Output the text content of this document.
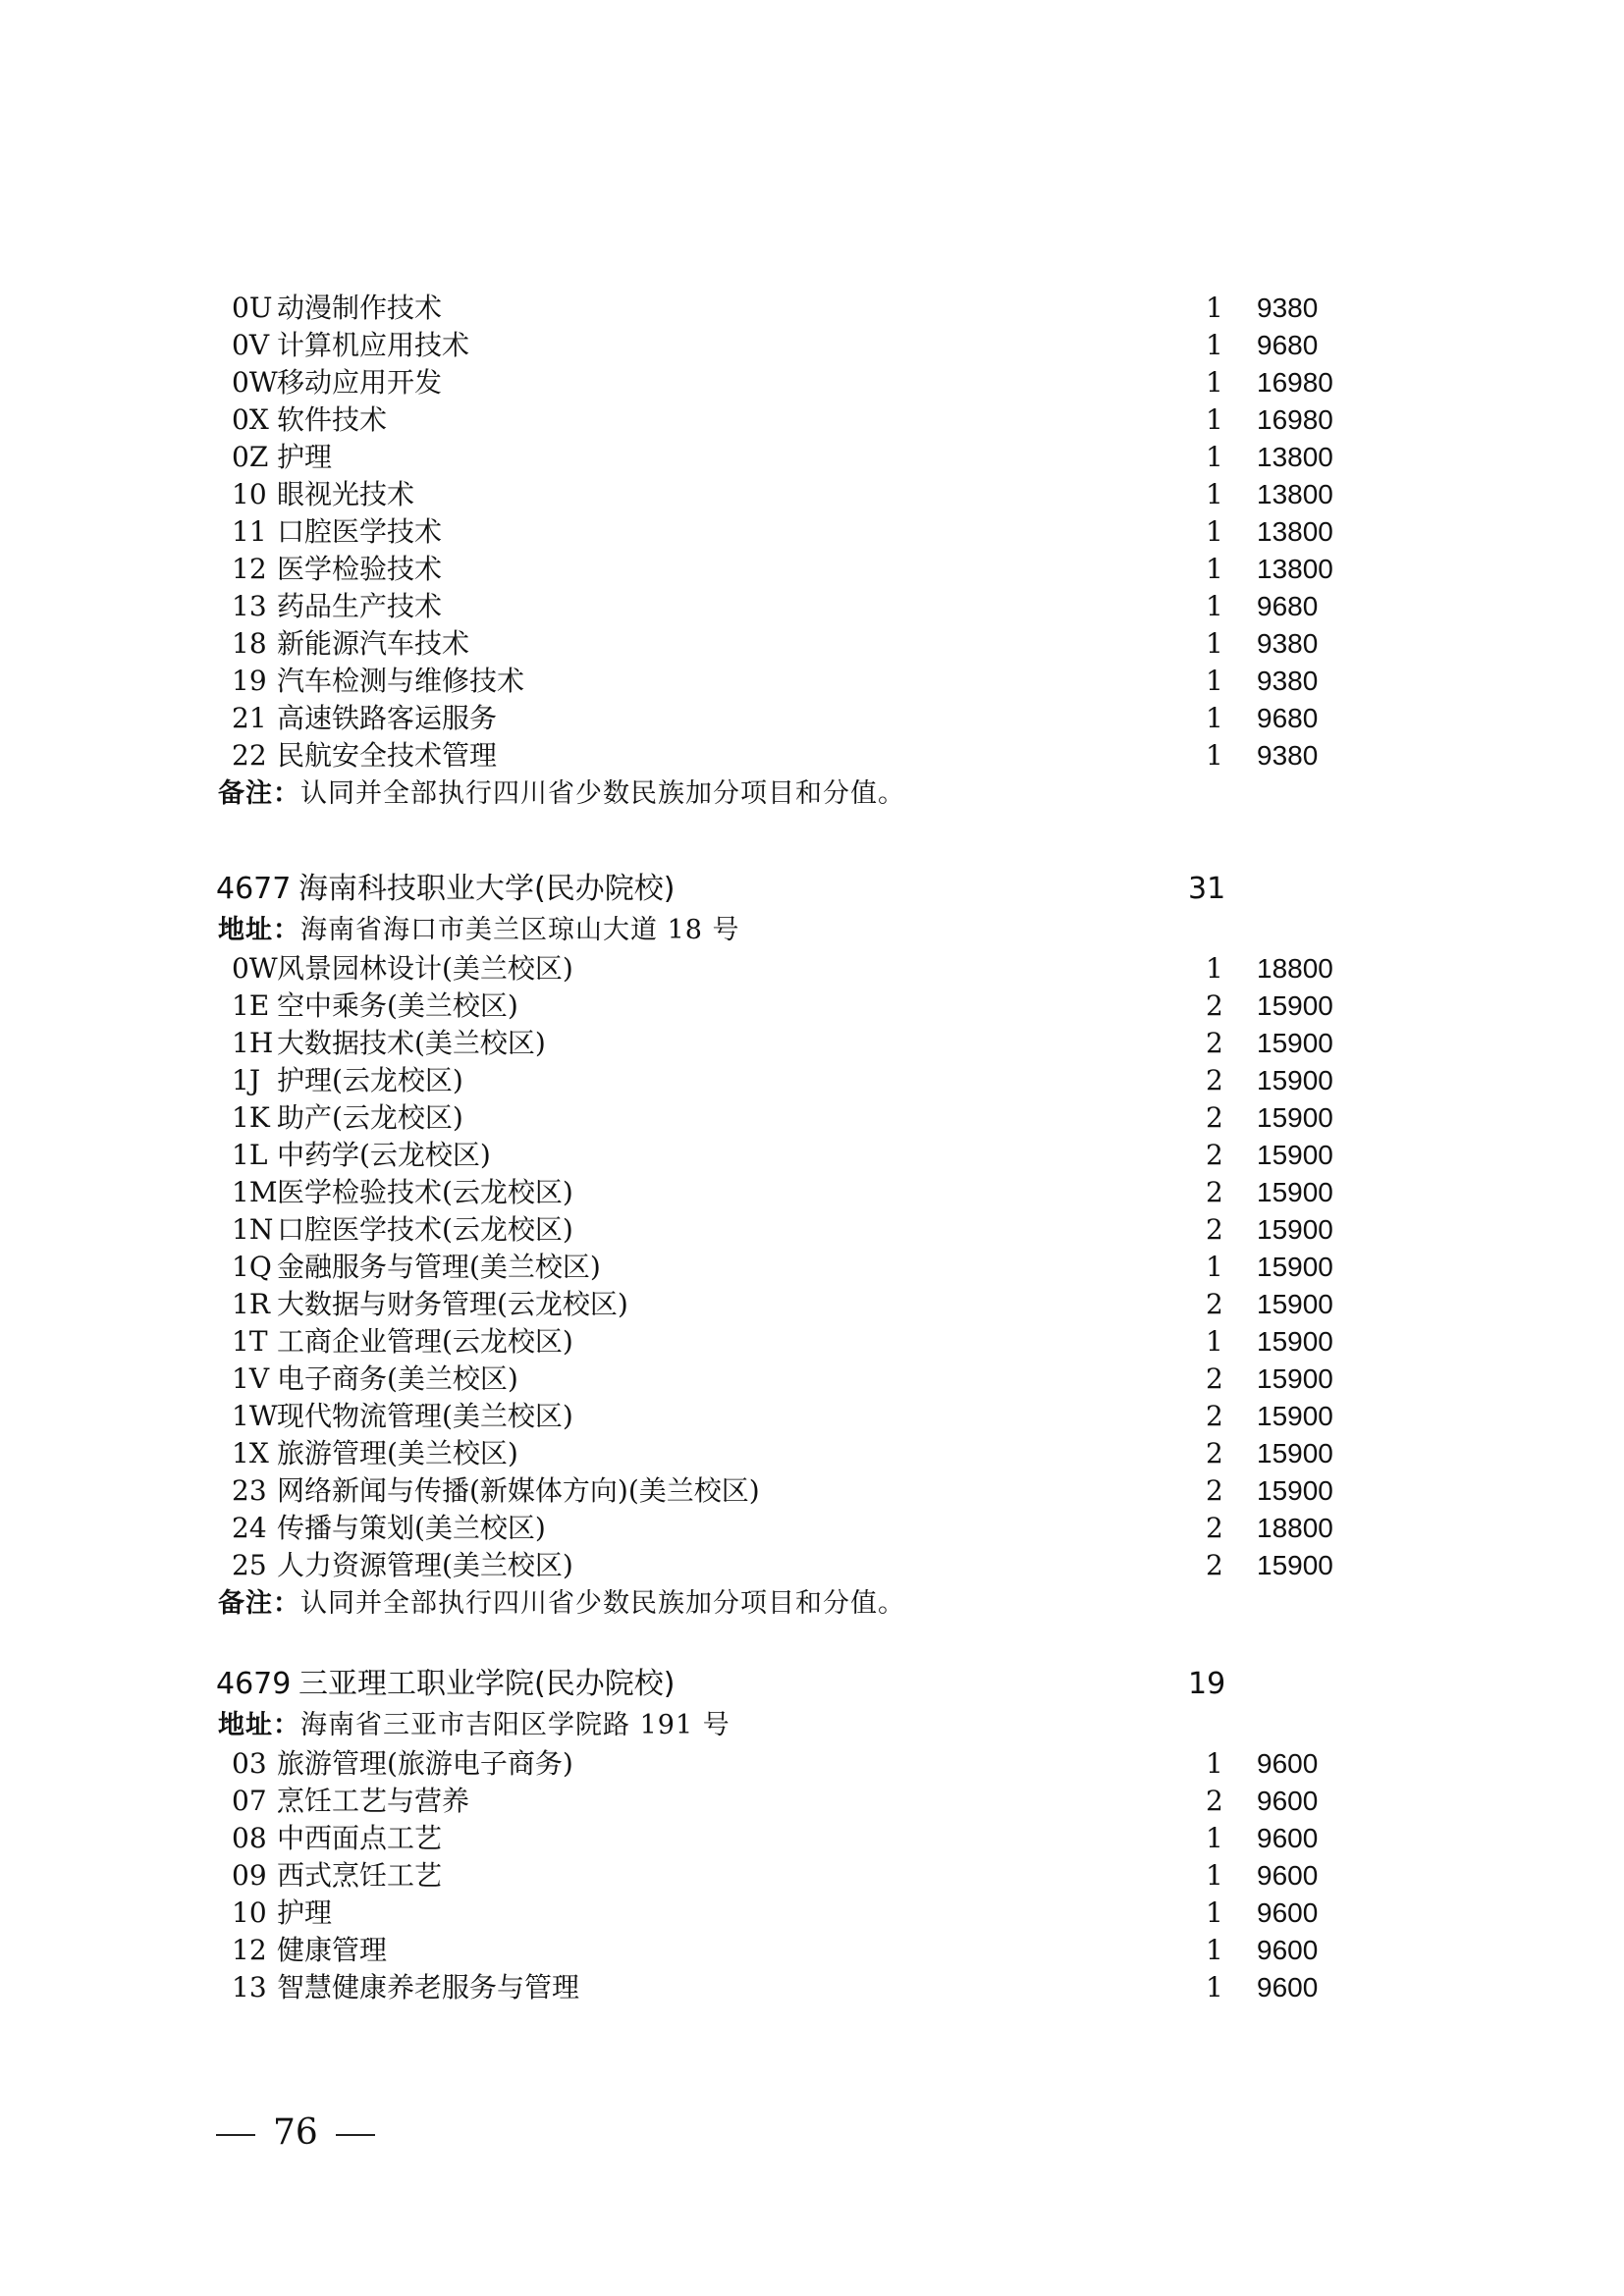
0U 动漫制作技术	1 9380
0V 计算机应用技术	1 9680
0W 移动应用开发	1 16980
0X 软件技术	1 16980
0Z 护理	1 13800
10 眼视光技术	1 13800
11 口腔医学技术	1 13800
12 医学检验技术	1 13800
13 药品生产技术	1 9680
18 新能源汽车技术	1 9380
19 汽车检测与维修技术	1 9380
21 高速铁路客运服务	1 9680
22 民航安全技术管理	1 9380
备注：认同并全部执行四川省少数民族加分项目和分值。
4677 海南科技职业大学(民办院校)	31
地址：海南省海口市美兰区琼山大道 18 号
0W 风景园林设计(美兰校区)	1 18800
1E 空中乘务(美兰校区)	2 15900
1H 大数据技术(美兰校区)	2 15900
1J 护理(云龙校区)	2 15900
1K 助产(云龙校区)	2 15900
1L 中药学(云龙校区)	2 15900
1M 医学检验技术(云龙校区)	2 15900
1N 口腔医学技术(云龙校区)	2 15900
1Q 金融服务与管理(美兰校区)	1 15900
1R 大数据与财务管理(云龙校区)	2 15900
1T 工商企业管理(云龙校区)	1 15900
1V 电子商务(美兰校区)	2 15900
1W 现代物流管理(美兰校区)	2 15900
1X 旅游管理(美兰校区)	2 15900
23 网络新闻与传播(新媒体方向)(美兰校区)	2 15900
24 传播与策划(美兰校区)	2 18800
25 人力资源管理(美兰校区)	2 15900
备注：认同并全部执行四川省少数民族加分项目和分值。
4679 三亚理工职业学院(民办院校)	19
地址：海南省三亚市吉阳区学院路 191 号
03 旅游管理(旅游电子商务)	1 9600
07 烹饪工艺与营养	2 9600
08 中西面点工艺	1 9600
09 西式烹饪工艺	1 9600
10 护理	1 9600
12 健康管理	1 9600
13 智慧健康养老服务与管理	1 9600
76
